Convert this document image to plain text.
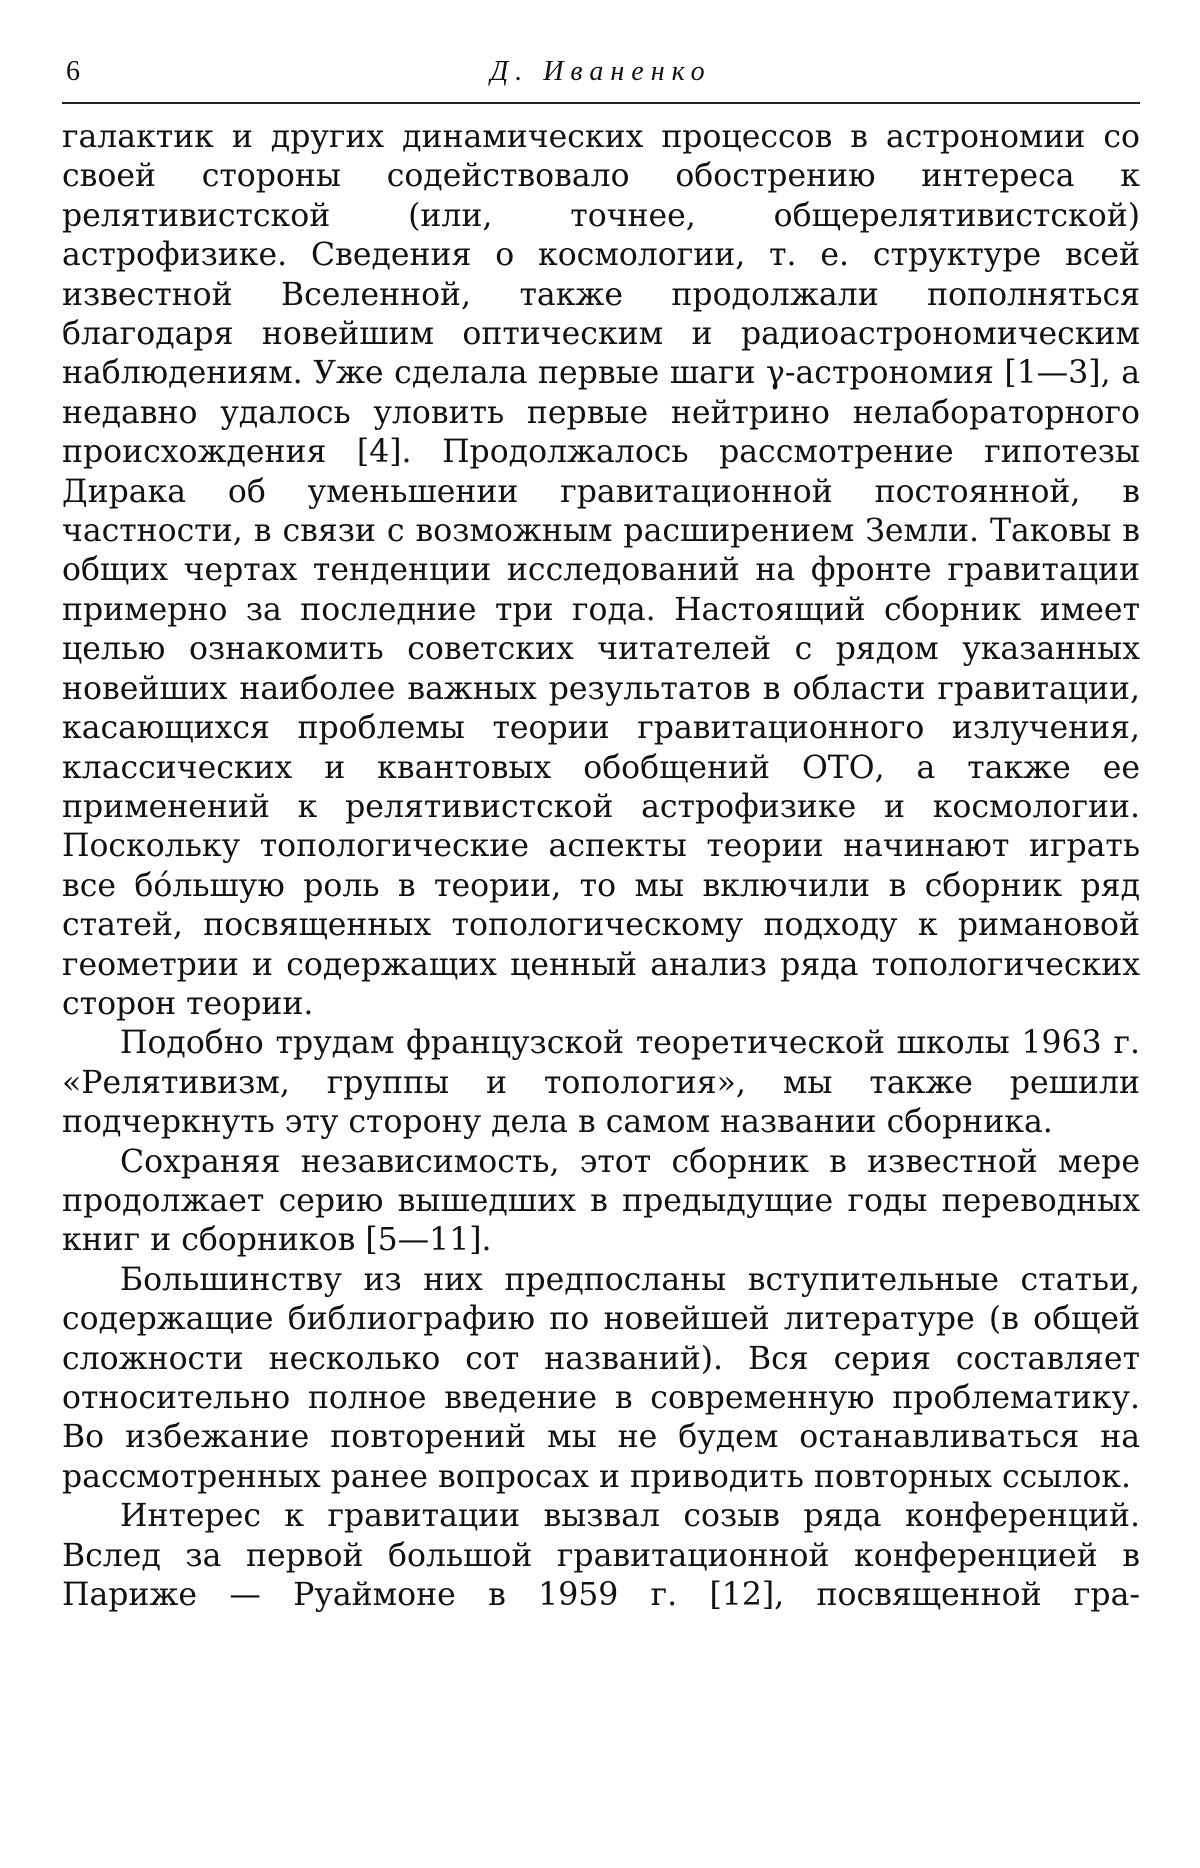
6	Д. Иваненко

галактик и других динамических процессов в астрономии со своей стороны содействовало обострению интереса к релятивистской (или, точнее, общерелятивистской) астрофизике. Сведения о космологии, т. е. структуре всей известной Вселенной, также продолжали пополняться благодаря новейшим оптическим и радиоастрономическим наблюдениям. Уже сделала первые шаги γ-астрономия [1—3], а недавно удалось уловить первые нейтрино нелабораторного происхождения [4]. Продолжалось рассмотрение гипотезы Дирака об уменьшении гравитационной постоянной, в частности, в связи с возможным расширением Земли. Таковы в общих чертах тенденции исследований на фронте гравитации примерно за последние три года. Настоящий сборник имеет целью ознакомить советских читателей с рядом указанных новейших наиболее важных результатов в области гравитации, касающихся проблемы теории гравитационного излучения, классических и квантовых обобщений ОТО, а также ее применений к релятивистской астрофизике и космологии. Поскольку топологические аспекты теории начинают играть все бóльшую роль в теории, то мы включили в сборник ряд статей, посвященных топологическому подходу к римановой геометрии и содержащих ценный анализ ряда топологических сторон теории.

Подобно трудам французской теоретической школы 1963 г. «Релятивизм, группы и топология», мы также решили подчеркнуть эту сторону дела в самом названии сборника.

Сохраняя независимость, этот сборник в известной мере продолжает серию вышедших в предыдущие годы переводных книг и сборников [5—11].

Большинству из них предпосланы вступительные статьи, содержащие библиографию по новейшей литературе (в общей сложности несколько сот названий). Вся серия составляет относительно полное введение в современную проблематику. Во избежание повторений мы не будем останавливаться на рассмотренных ранее вопросах и приводить повторных ссылок.

Интерес к гравитации вызвал созыв ряда конференций. Вслед за первой большой гравитационной конференцией в Париже — Руаймоне в 1959 г. [12], посвященной гра-
